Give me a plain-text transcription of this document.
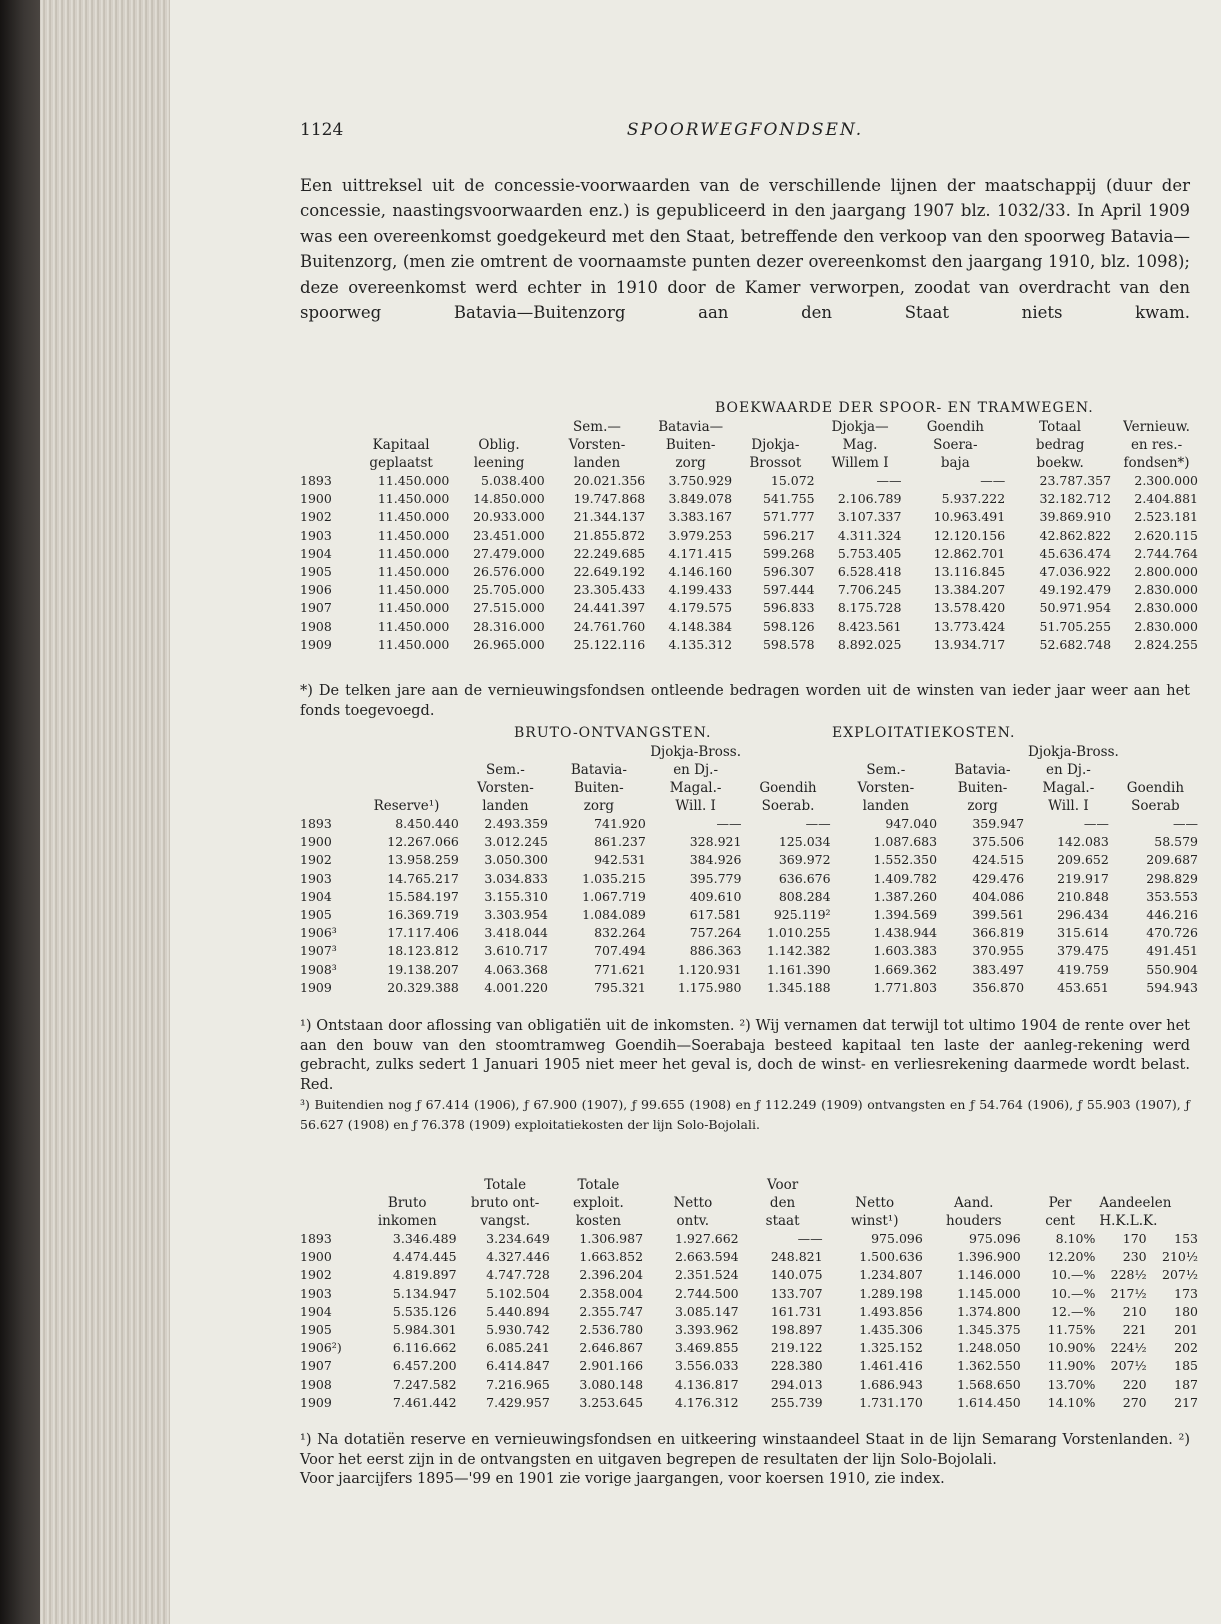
1124	SPOORWEGFONDSEN.

Een uittreksel uit de concessie-voorwaarden van de verschillende lijnen der maatschappij (duur der concessie, naastingsvoorwaarden enz.) is gepubliceerd in den jaargang 1907 blz. 1032/33. In April 1909 was een overeenkomst goedgekeurd met den Staat, betreffende den verkoop van den spoorweg Batavia—Buitenzorg, (men zie omtrent de voornaamste punten dezer overeenkomst den jaargang 1910, blz. 1098); deze overeenkomst werd echter in 1910 door de Kamer verworpen, zoodat van overdracht van den spoorweg Batavia—Buitenzorg aan den Staat niets kwam.

BOEKWAARDE DER SPOOR- EN TRAMWEGEN.
			Sem.—	Batavia—		Djokja—	Goendih	Totaal	Vernieuw.
	Kapitaal	Oblig.	Vorsten-	Buiten-	Djokja-	Mag.	Soera-	bedrag	en res.-
	geplaatst	leening	landen	zorg	Brossot	Willem I	baja	boekw.	fondsen*)
1893	11.450.000	5.038.400	20.021.356	3.750.929	15.072	——	——	23.787.357	2.300.000
1900	11.450.000	14.850.000	19.747.868	3.849.078	541.755	2.106.789	5.937.222	32.182.712	2.404.881
1902	11.450.000	20.933.000	21.344.137	3.383.167	571.777	3.107.337	10.963.491	39.869.910	2.523.181
1903	11.450.000	23.451.000	21.855.872	3.979.253	596.217	4.311.324	12.120.156	42.862.822	2.620.115
1904	11.450.000	27.479.000	22.249.685	4.171.415	599.268	5.753.405	12.862.701	45.636.474	2.744.764
1905	11.450.000	26.576.000	22.649.192	4.146.160	596.307	6.528.418	13.116.845	47.036.922	2.800.000
1906	11.450.000	25.705.000	23.305.433	4.199.433	597.444	7.706.245	13.384.207	49.192.479	2.830.000
1907	11.450.000	27.515.000	24.441.397	4.179.575	596.833	8.175.728	13.578.420	50.971.954	2.830.000
1908	11.450.000	28.316.000	24.761.760	4.148.384	598.126	8.423.561	13.773.424	51.705.255	2.830.000
1909	11.450.000	26.965.000	25.122.116	4.135.312	598.578	8.892.025	13.934.717	52.682.748	2.824.255

*) De telken jare aan de vernieuwingsfondsen ontleende bedragen worden uit de winsten van ieder jaar weer aan het fonds toegevoegd.

BRUTO-ONTVANGSTEN.	EXPLOITATIEKOSTEN.
				Djokja-Bross.				Djokja-Bross.	
		Sem.-	Batavia-	en Dj.-		Sem.-	Batavia-	en Dj.-	
		Vorsten-	Buiten-	Magal.-	Goendih	Vorsten-	Buiten-	Magal.-	Goendih
	Reserve¹)	landen	zorg	Will. I	Soerab.	landen	zorg	Will. I	Soerab
1893	8.450.440	2.493.359	741.920	——	——	947.040	359.947	——	——
1900	12.267.066	3.012.245	861.237	328.921	125.034	1.087.683	375.506	142.083	58.579
1902	13.958.259	3.050.300	942.531	384.926	369.972	1.552.350	424.515	209.652	209.687
1903	14.765.217	3.034.833	1.035.215	395.779	636.676	1.409.782	429.476	219.917	298.829
1904	15.584.197	3.155.310	1.067.719	409.610	808.284	1.387.260	404.086	210.848	353.553
1905	16.369.719	3.303.954	1.084.089	617.581	925.119²	1.394.569	399.561	296.434	446.216
1906³	17.117.406	3.418.044	832.264	757.264	1.010.255	1.438.944	366.819	315.614	470.726
1907³	18.123.812	3.610.717	707.494	886.363	1.142.382	1.603.383	370.955	379.475	491.451
1908³	19.138.207	4.063.368	771.621	1.120.931	1.161.390	1.669.362	383.497	419.759	550.904
1909	20.329.388	4.001.220	795.321	1.175.980	1.345.188	1.771.803	356.870	453.651	594.943

¹) Ontstaan door aflossing van obligatiën uit de inkomsten. ²) Wij vernamen dat terwijl tot ultimo 1904 de rente over het aan den bouw van den stoomtramweg Goendih—Soerabaja besteed kapitaal ten laste der aanleg-rekening werd gebracht, zulks sedert 1 Januari 1905 niet meer het geval is, doch de winst- en verliesrekening daarmede wordt belast. Red.

³) Buitendien nog ƒ 67.414 (1906), ƒ 67.900 (1907), ƒ 99.655 (1908) en ƒ 112.249 (1909) ontvangsten en ƒ 54.764 (1906), ƒ 55.903 (1907), ƒ 56.627 (1908) en ƒ 76.378 (1909) exploitatiekosten der lijn Solo-Bojolali.

		Totale	Totale		Voor					
	Bruto	bruto ont-	exploit.	Netto	den	Netto	Aand.	Per	Aandeelen	
	inkomen	vangst.	kosten	ontv.	staat	winst¹)	houders	cent	H.K.L.K.	
1893	3.346.489	3.234.649	1.306.987	1.927.662	——	975.096	975.096	8.10%	170	153
1900	4.474.445	4.327.446	1.663.852	2.663.594	248.821	1.500.636	1.396.900	12.20%	230	210½
1902	4.819.897	4.747.728	2.396.204	2.351.524	140.075	1.234.807	1.146.000	10.—%	228½	207½
1903	5.134.947	5.102.504	2.358.004	2.744.500	133.707	1.289.198	1.145.000	10.—%	217½	173
1904	5.535.126	5.440.894	2.355.747	3.085.147	161.731	1.493.856	1.374.800	12.—%	210	180
1905	5.984.301	5.930.742	2.536.780	3.393.962	198.897	1.435.306	1.345.375	11.75%	221	201
1906²)	6.116.662	6.085.241	2.646.867	3.469.855	219.122	1.325.152	1.248.050	10.90%	224½	202
1907	6.457.200	6.414.847	2.901.166	3.556.033	228.380	1.461.416	1.362.550	11.90%	207½	185
1908	7.247.582	7.216.965	3.080.148	4.136.817	294.013	1.686.943	1.568.650	13.70%	220	187
1909	7.461.442	7.429.957	3.253.645	4.176.312	255.739	1.731.170	1.614.450	14.10%	270	217

¹) Na dotatiën reserve en vernieuwingsfondsen en uitkeering winstaandeel Staat in de lijn Semarang Vorstenlanden. ²) Voor het eerst zijn in de ontvangsten en uitgaven begrepen de resultaten der lijn Solo-Bojolali.

Voor jaarcijfers 1895—'99 en 1901 zie vorige jaargangen, voor koersen 1910, zie index.
